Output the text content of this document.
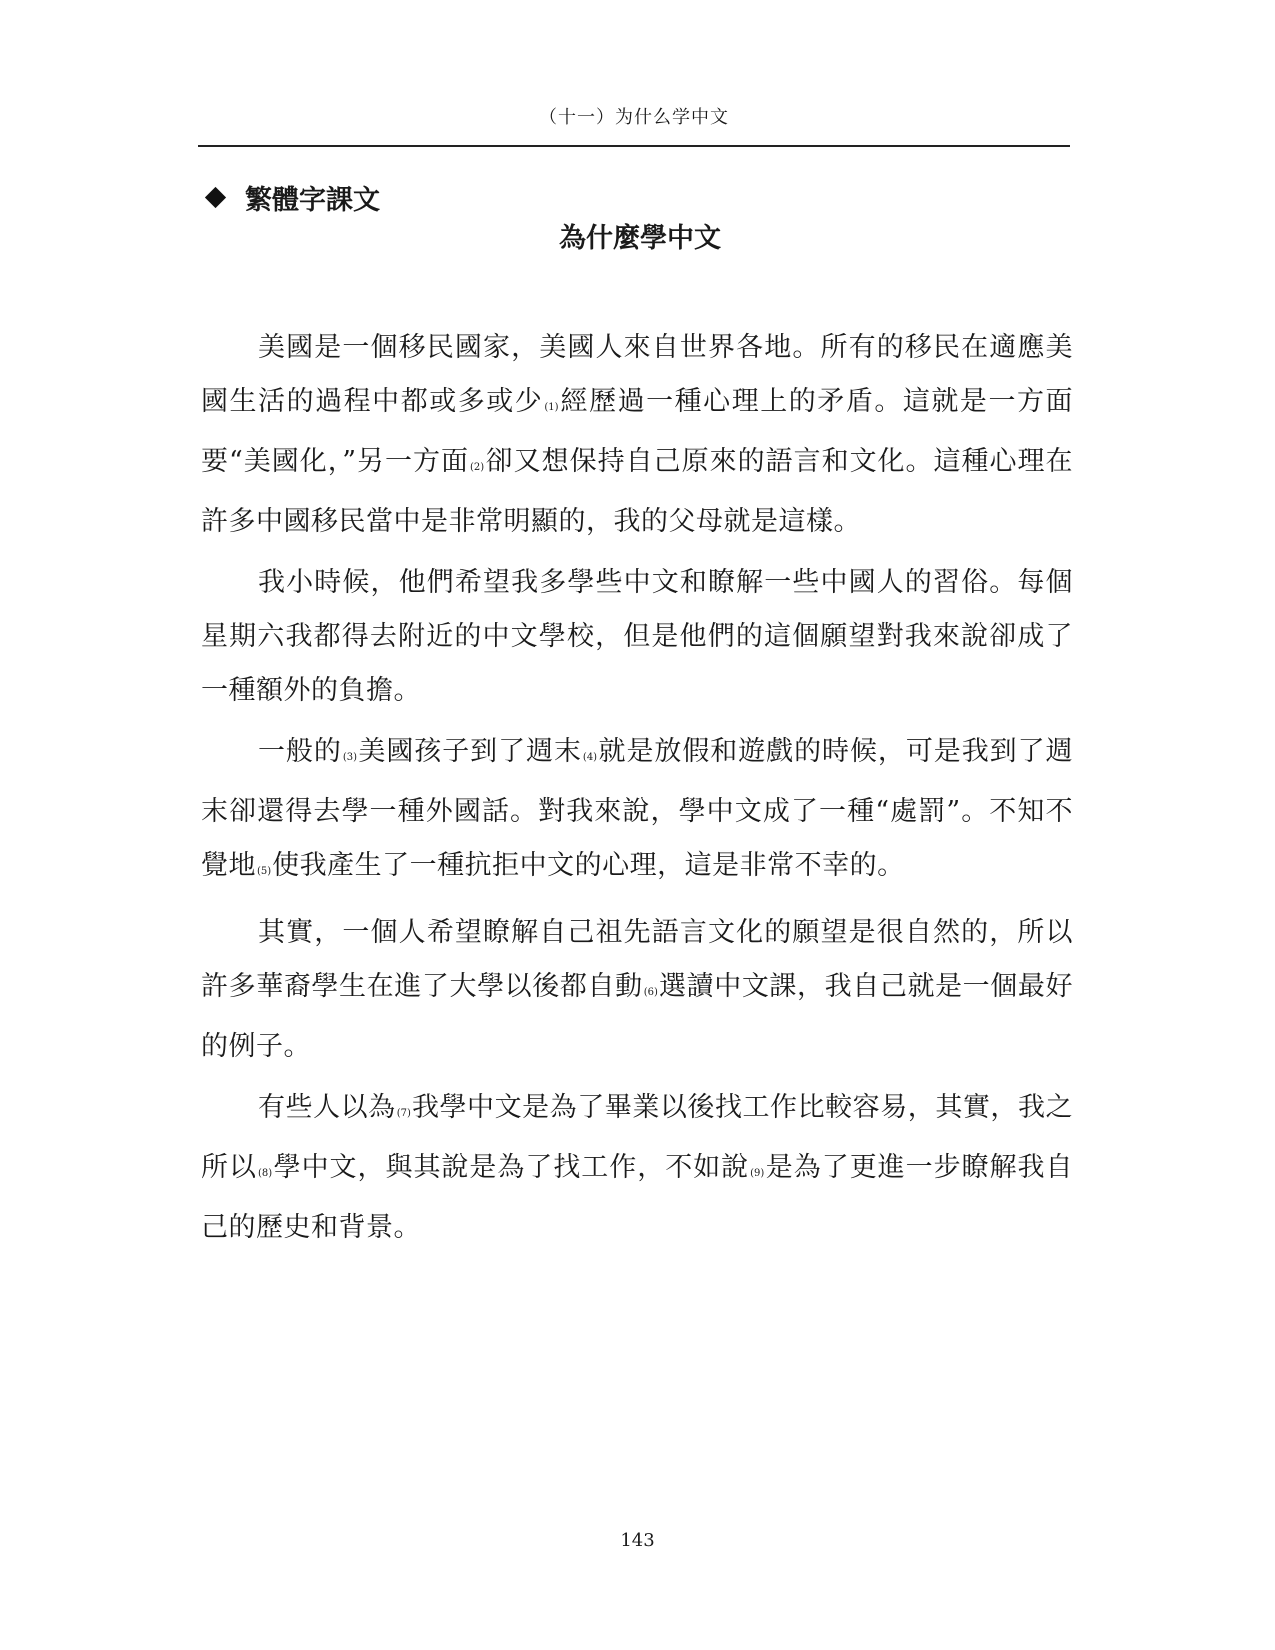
（十一）为什么学中文
繁體字課文
為什麼學中文

美國是一個移民國家，美國人來自世界各地。所有的移民在適應美國生活的過程中都或多或少(1)經歷過一種心理上的矛盾。這就是一方面要“美國化，”另一方面(2)卻又想保持自己原來的語言和文化。這種心理在許多中國移民當中是非常明顯的，我的父母就是這樣。

我小時候，他們希望我多學些中文和瞭解一些中國人的習俗。每個星期六我都得去附近的中文學校，但是他們的這個願望對我來說卻成了一種額外的負擔。

一般的(3)美國孩子到了週末(4)就是放假和遊戲的時候，可是我到了週末卻還得去學一種外國話。對我來說，學中文成了一種“處罰”。不知不覺地(5)使我產生了一種抗拒中文的心理，這是非常不幸的。

其實，一個人希望瞭解自己祖先語言文化的願望是很自然的，所以許多華裔學生在進了大學以後都自動(6)選讀中文課，我自己就是一個最好的例子。

有些人以為(7)我學中文是為了畢業以後找工作比較容易，其實，我之所以(8)學中文，與其說是為了找工作，不如說(9)是為了更進一步瞭解我自己的歷史和背景。

143
